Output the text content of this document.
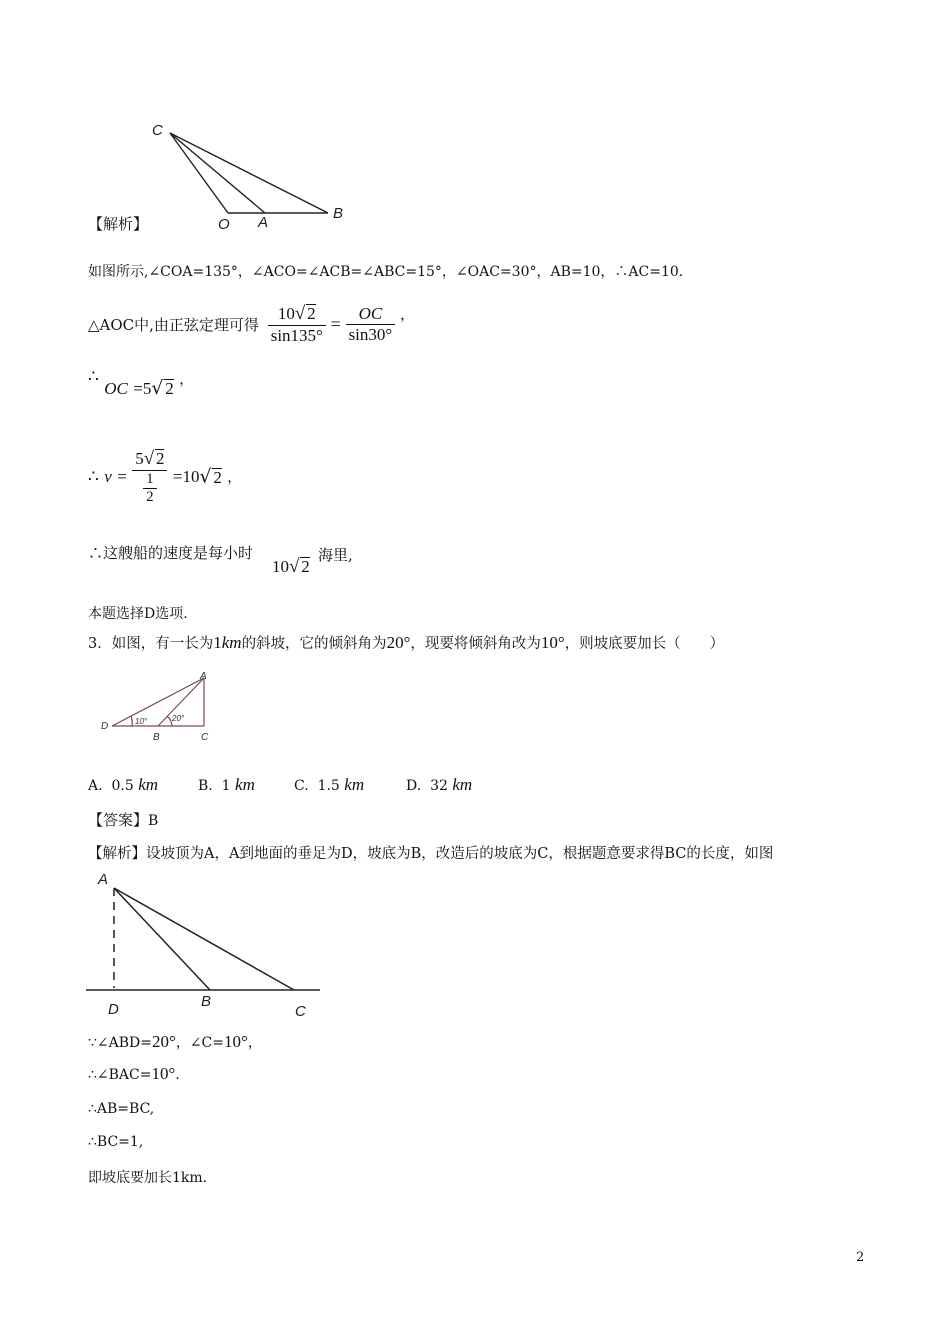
C
O A
B
【解析】
如图所示,∠COA=135°，∠ACO=∠ACB=∠ABC=15°，∠OAC=30°，AB=10，∴AC=10.
△AOC中,由正弦定理可得 $\frac{10√ 2}{\sin 135^\circ} = \frac{OC}{\sin 30^\circ}$ ，
∴ OC =5√ 2 ，
∴ $v = \frac{5√ 2}{\frac{1}{2}} =10√$ 2 ，
∴这艘船的速度是每小时
10√ 2
海里,
本题选择D选项.
3．如图，有一长为1km的斜坡，它的倾斜角为20°，现要将倾斜角改为10°，则坡底要加长（　　）
A
D
B	C
10°	20°
A. 0.5 km	B. 1 km	C. 1.5 km	D. 32 km
【答案】B
【解析】设坡顶为A，A到地面的垂足为D，坡底为B，改造后的坡底为C，根据题意要求得BC的长度，如图
A
D	B
C
∵∠ABD=20°，∠C=10°，
∴∠BAC=10°.
∴AB=BC,
∴BC=1,
即坡底要加长1km.
2
